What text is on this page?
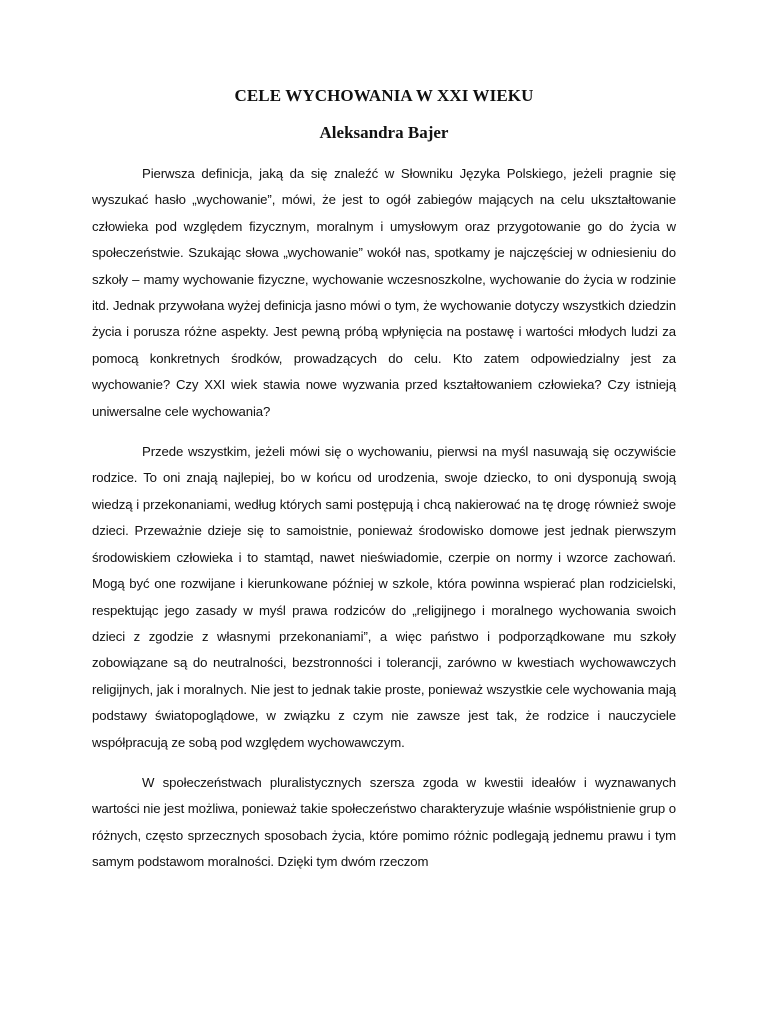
CELE WYCHOWANIA W XXI WIEKU
Aleksandra Bajer

Pierwsza definicja, jaką da się znaleźć w Słowniku Języka Polskiego, jeżeli pragnie się wyszukać hasło „wychowanie”, mówi, że jest to ogół zabiegów mających na celu ukształtowanie człowieka pod względem fizycznym, moralnym i umysłowym oraz przygotowanie go do życia w społeczeństwie. Szukając słowa „wychowanie” wokół nas, spotkamy je najczęściej w odniesieniu do szkoły – mamy wychowanie fizyczne, wychowanie wczesnoszkolne, wychowanie do życia w rodzinie itd. Jednak przywołana wyżej definicja jasno mówi o tym, że wychowanie dotyczy wszystkich dziedzin życia i porusza różne aspekty. Jest pewną próbą wpłynięcia na postawę i wartości młodych ludzi za pomocą konkretnych środków, prowadzących do celu. Kto zatem odpowiedzialny jest za wychowanie? Czy XXI wiek stawia nowe wyzwania przed kształtowaniem człowieka? Czy istnieją uniwersalne cele wychowania?

Przede wszystkim, jeżeli mówi się o wychowaniu, pierwsi na myśl nasuwają się oczywiście rodzice. To oni znają najlepiej, bo w końcu od urodzenia, swoje dziecko, to oni dysponują swoją wiedzą i przekonaniami, według których sami postępują i chcą nakierować na tę drogę również swoje dzieci. Przeważnie dzieje się to samoistnie, ponieważ środowisko domowe jest jednak pierwszym środowiskiem człowieka i to stamtąd, nawet nieświadomie, czerpie on normy i wzorce zachowań. Mogą być one rozwijane i kierunkowane później w szkole, która powinna wspierać plan rodzicielski, respektując jego zasady w myśl prawa rodziców do „religijnego i moralnego wychowania swoich dzieci z zgodzie z własnymi przekonaniami”, a więc państwo i podporządkowane mu szkoły zobowiązane są do neutralności, bezstronności i tolerancji, zarówno w kwestiach wychowawczych religijnych, jak i moralnych. Nie jest to jednak takie proste, ponieważ wszystkie cele wychowania mają podstawy światopoglądowe, w związku z czym nie zawsze jest tak, że rodzice i nauczyciele współpracują ze sobą pod względem wychowawczym.

W społeczeństwach pluralistycznych szersza zgoda w kwestii ideałów i wyznawanych wartości nie jest możliwa, ponieważ takie społeczeństwo charakteryzuje właśnie współistnienie grup o różnych, często sprzecznych sposobach życia, które pomimo różnic podlegają jednemu prawu i tym samym podstawom moralności. Dzięki tym dwóm rzeczom
